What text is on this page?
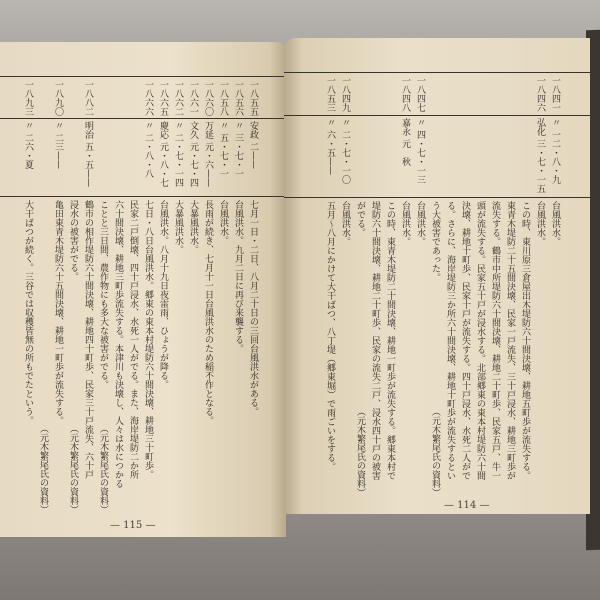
一八五五
安政
二——
七月一日・二日、八月二十日の三回台風洪水がある。
一八五六
〃
三・七・一
台風洪水。九月二日に再び来襲する。
一八五八
〃
五・七・一
台風洪水。
一八六〇
万延
元・六——
長雨が続き、七月十一日台風洪水のため稲不作となる。
一八六一
文久
元・七・四
大暴風洪水。
一八六二
〃
二・七・一四
大暴風洪水。
一八六五
慶応
元・八・七
台風洪水。八月十九日夜雷雨、ひょうが降る。
一八六六
〃
二・八・八
七日・八日台風洪水。郷東の東本村堤防六十間決壊、耕地三十町歩。
民家二戸倒壊、四十戸浸水、水死一人がでる。また、海岸堤防二か所
六十間決壊、耕地三町歩流失する。本津川も決壊し、人々は水につかる
ことと三日間、農作物にも多大な被害がでる。
（元木繁尾氏の資料）
一八八二
明治
五・五——
鶴市の相作堤防六十間決壊、耕地四十町歩、民家三十戸流失、六十戸
浸水の被害がでる。
（元木繁尾氏の資料）
一八九〇
〃
二三——
亀田東青木堤防六十五間決壊、耕地一町歩が流失する。
（元木繁尾氏の資料）
一八九三
〃
二六・夏
大干ばつが続く。三谷では収穫皆無の所もでたという。
— 115 —
一八四一
〃
一二・八・九
台風洪水。
一八四六
弘化
三・七・一五
台風洪水。
この時、東川原三倉屋出木堤防六十間決壊、耕地五町歩が流失する。
東青木堤防二十五間決壊、民家一戸流失、三十戸浸水、耕地三町歩が
流失する。鶴市中所堤防六十間決壊、耕地二十町歩、民家五戸、牛一
頭が流失する。民家五十戸が浸水する。北部郷東の東本村堤防六十間
決壊、耕地十町歩、民家十戸が流失する。四十戸浸水、水死二人がで
る。さらに、海岸堤防三か所六十間決壊、耕地十町歩が流失するとい
う大被害であった。
（元木繁尾氏の資料）
一八四七
〃
四・七・一三
台風洪水。
一八四八
嘉永
元　秋
台風洪水。
この時、東青木堤防二十間決壊、耕地一町歩が流失する。郷東本村で
堤防六十間決壊、耕地二十町歩、民家の流失二戸、浸水四十戸の被害
がでる。
（元木繁尾氏の資料）
一八四九
〃
二・七・一〇
台風洪水。
一八五三
〃
六・五——
五月～八月にかけて大干ばつ、八丁堤（郷東堀）で雨ごいをする。
— 114 —
